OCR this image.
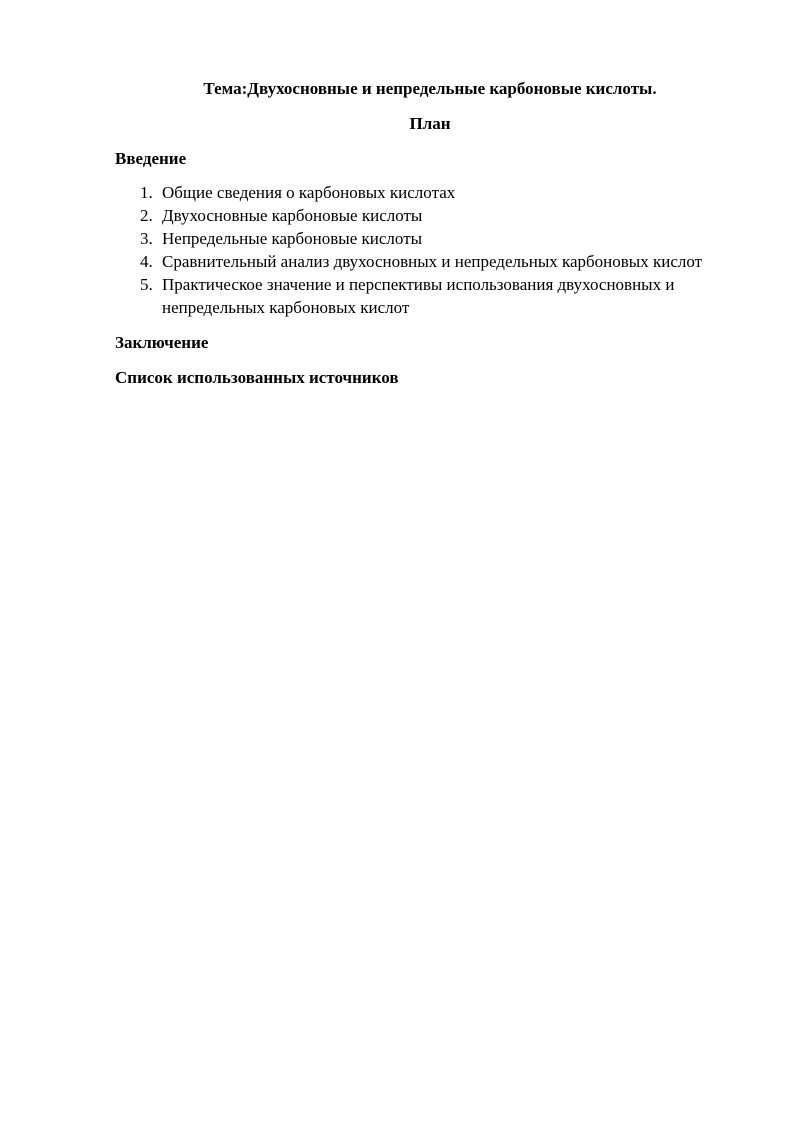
Тема:Двухосновные и непредельные карбоновые кислоты.

План

Введение

1. Общие сведения о карбоновых кислотах
2. Двухосновные карбоновые кислоты
3. Непредельные карбоновые кислоты
4. Сравнительный анализ двухосновных и непредельных карбоновых кислот
5. Практическое значение и перспективы использования двухосновных и непредельных карбоновых кислот

Заключение

Список использованных источников
